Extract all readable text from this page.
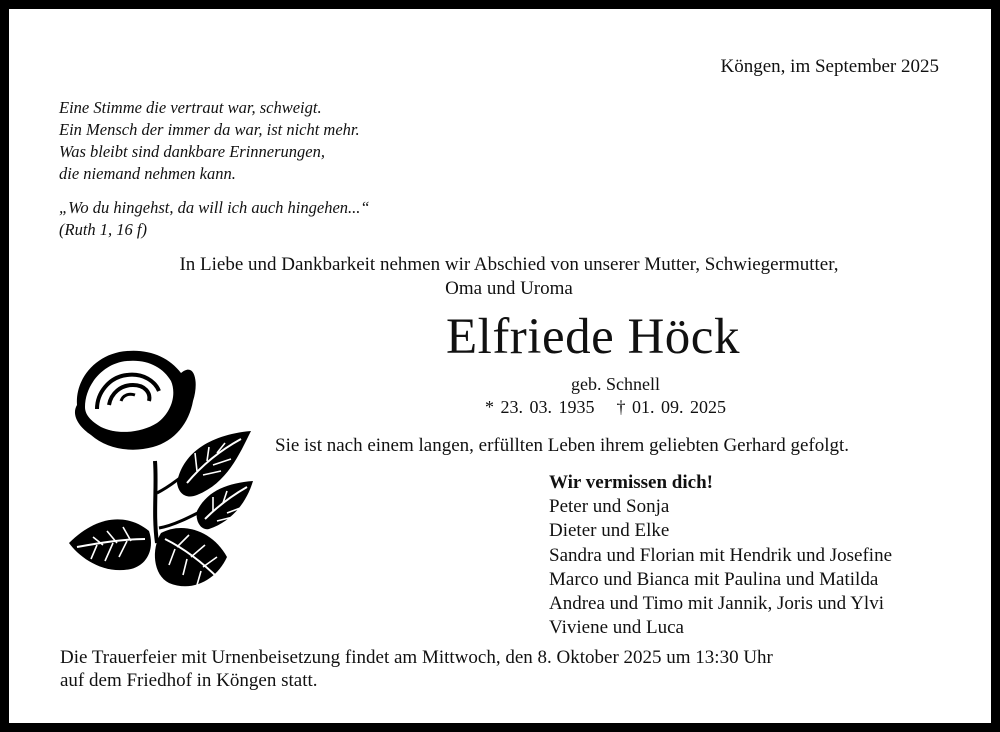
Köngen, im September 2025
Eine Stimme die vertraut war, schweigt.
Ein Mensch der immer da war, ist nicht mehr.
Was bleibt sind dankbare Erinnerungen,
die niemand nehmen kann.
„Wo du hingehst, da will ich auch hingehen...“
(Ruth 1, 16 f)
In Liebe und Dankbarkeit nehmen wir Abschied von unserer Mutter, Schwiegermutter,
Oma und Uroma
Elfriede Höck
geb. Schnell
* 23. 03. 1935 † 01. 09. 2025
Sie ist nach einem langen, erfüllten Leben ihrem geliebten Gerhard gefolgt.
Wir vermissen dich!
Peter und Sonja
Dieter und Elke
Sandra und Florian mit Hendrik und Josefine
Marco und Bianca mit Paulina und Matilda
Andrea und Timo mit Jannik, Joris und Ylvi
Viviene und Luca
Die Trauerfeier mit Urnenbeisetzung findet am Mittwoch, den 8. Oktober 2025 um 13:30 Uhr
auf dem Friedhof in Köngen statt.
